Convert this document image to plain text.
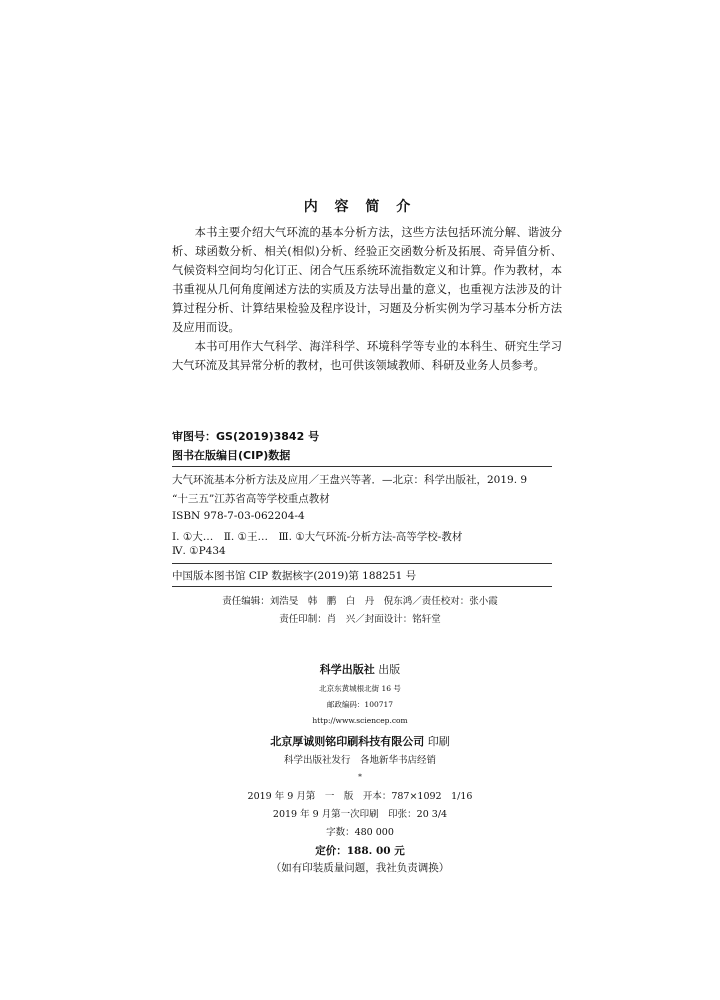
内 容 简 介

本书主要介绍大气环流的基本分析方法，这些方法包括环流分解、谐波分析、球函数分析、相关(相似)分析、经验正交函数分析及拓展、奇异值分析、气候资料空间均匀化订正、闭合气压系统环流指数定义和计算。作为教材，本书重视从几何角度阐述方法的实质及方法导出量的意义，也重视方法涉及的计算过程分析、计算结果检验及程序设计，习题及分析实例为学习基本分析方法及应用而设。

本书可用作大气科学、海洋科学、环境科学等专业的本科生、研究生学习大气环流及其异常分析的教材，也可供该领域教师、科研及业务人员参考。

审图号：GS(2019)3842 号
图书在版编目(CIP)数据
大气环流基本分析方法及应用／王盘兴等著．—北京：科学出版社，2019. 9
“十三五”江苏省高等学校重点教材
ISBN 978-7-03-062204-4
Ⅰ. ①大…　Ⅱ. ①王…　Ⅲ. ①大气环流-分析方法-高等学校-教材
Ⅳ. ①P434
中国版本图书馆 CIP 数据核字(2019)第 188251 号
责任编辑：刘浩旻　韩　鹏　白　丹　倪东鸿／责任校对：张小霞
责任印制：肖　兴／封面设计：铭轩堂
科学出版社 出版
北京东黄城根北街 16 号
邮政编码：100717
http://www.sciencep.com
北京厚诚则铭印刷科技有限公司 印刷
科学出版社发行　各地新华书店经销
*
2019 年 9 月第　一　版　开本：787×1092　1/16
2019 年 9 月第一次印刷　印张：20 3/4
字数：480 000
定价：188. 00 元
（如有印装质量问题，我社负责调换）
